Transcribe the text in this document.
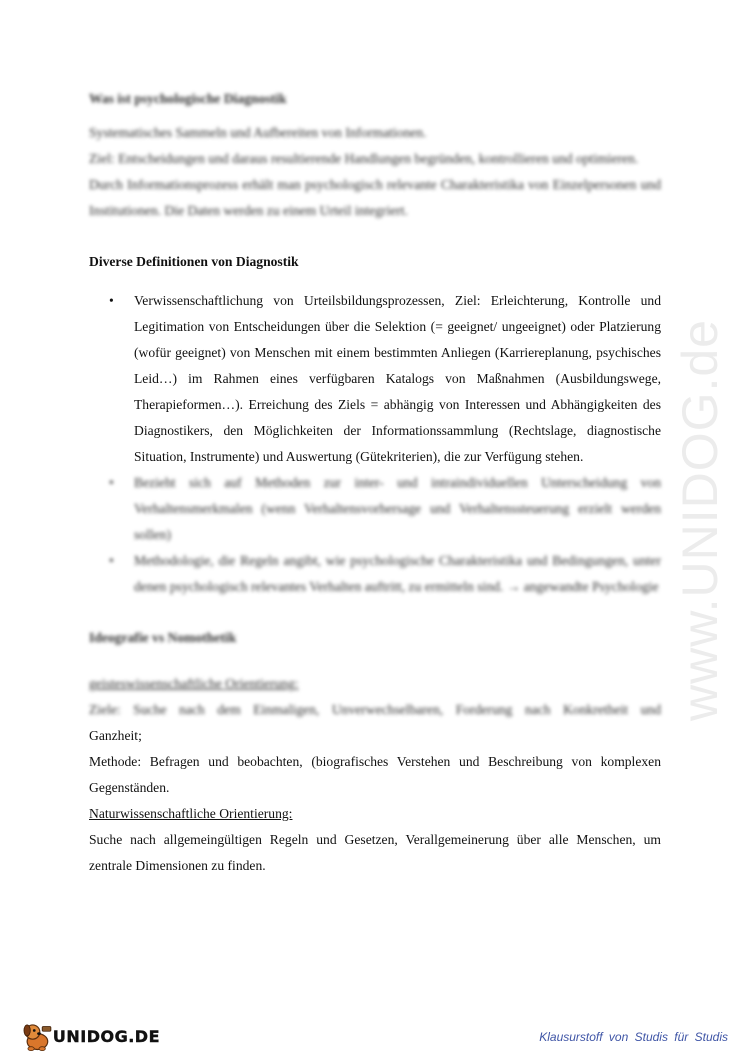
www.UNIDOG.de

Was ist psychologische Diagnostik

Systematisches Sammeln und Aufbereiten von Informationen.

Ziel: Entscheidungen und daraus resultierende Handlungen begründen, kontrollieren und optimieren.

Durch Informationsprozess erhält man psychologisch relevante Charakteristika von Einzelpersonen und Institutionen. Die Daten werden zu einem Urteil integriert.

Diverse Definitionen von Diagnostik

• Verwissenschaftlichung von Urteilsbildungsprozessen, Ziel: Erleichterung, Kontrolle und Legitimation von Entscheidungen über die Selektion (= geeignet/ ungeeignet) oder Platzierung (wofür geeignet) von Menschen mit einem bestimmten Anliegen (Karriereplanung, psychisches Leid…) im Rahmen eines verfügbaren Katalogs von Maßnahmen (Ausbildungswege, Therapieformen…). Erreichung des Ziels = abhängig von Interessen und Abhängigkeiten des Diagnostikers, den Möglichkeiten der Informationssammlung (Rechtslage, diagnostische Situation, Instrumente) und Auswertung (Gütekriterien), die zur Verfügung stehen.

• Bezieht sich auf Methoden zur inter- und intraindividuellen Unterscheidung von Verhaltensmerkmalen (wenn Verhaltensvorhersage und Verhaltenssteuerung erzielt werden sollen)

• Methodologie, die Regeln angibt, wie psychologische Charakteristika und Bedingungen, unter denen psychologisch relevantes Verhalten auftritt, zu ermitteln sind. → angewandte Psychologie

Ideografie vs Nomothetik

geisteswissenschaftliche Orientierung:

Ziele: Suche nach dem Einmaligen, Unverwechselbaren, Forderung nach Konkretheit und

Ganzheit;

Methode: Befragen und beobachten, (biografisches Verstehen und Beschreibung von komplexen Gegenständen.

Naturwissenschaftliche Orientierung:

Suche nach allgemeingültigen Regeln und Gesetzen, Verallgemeinerung über alle Menschen, um zentrale Dimensionen zu finden.

UNIDOG.DE	Klausurstoff von Studis für Studis
